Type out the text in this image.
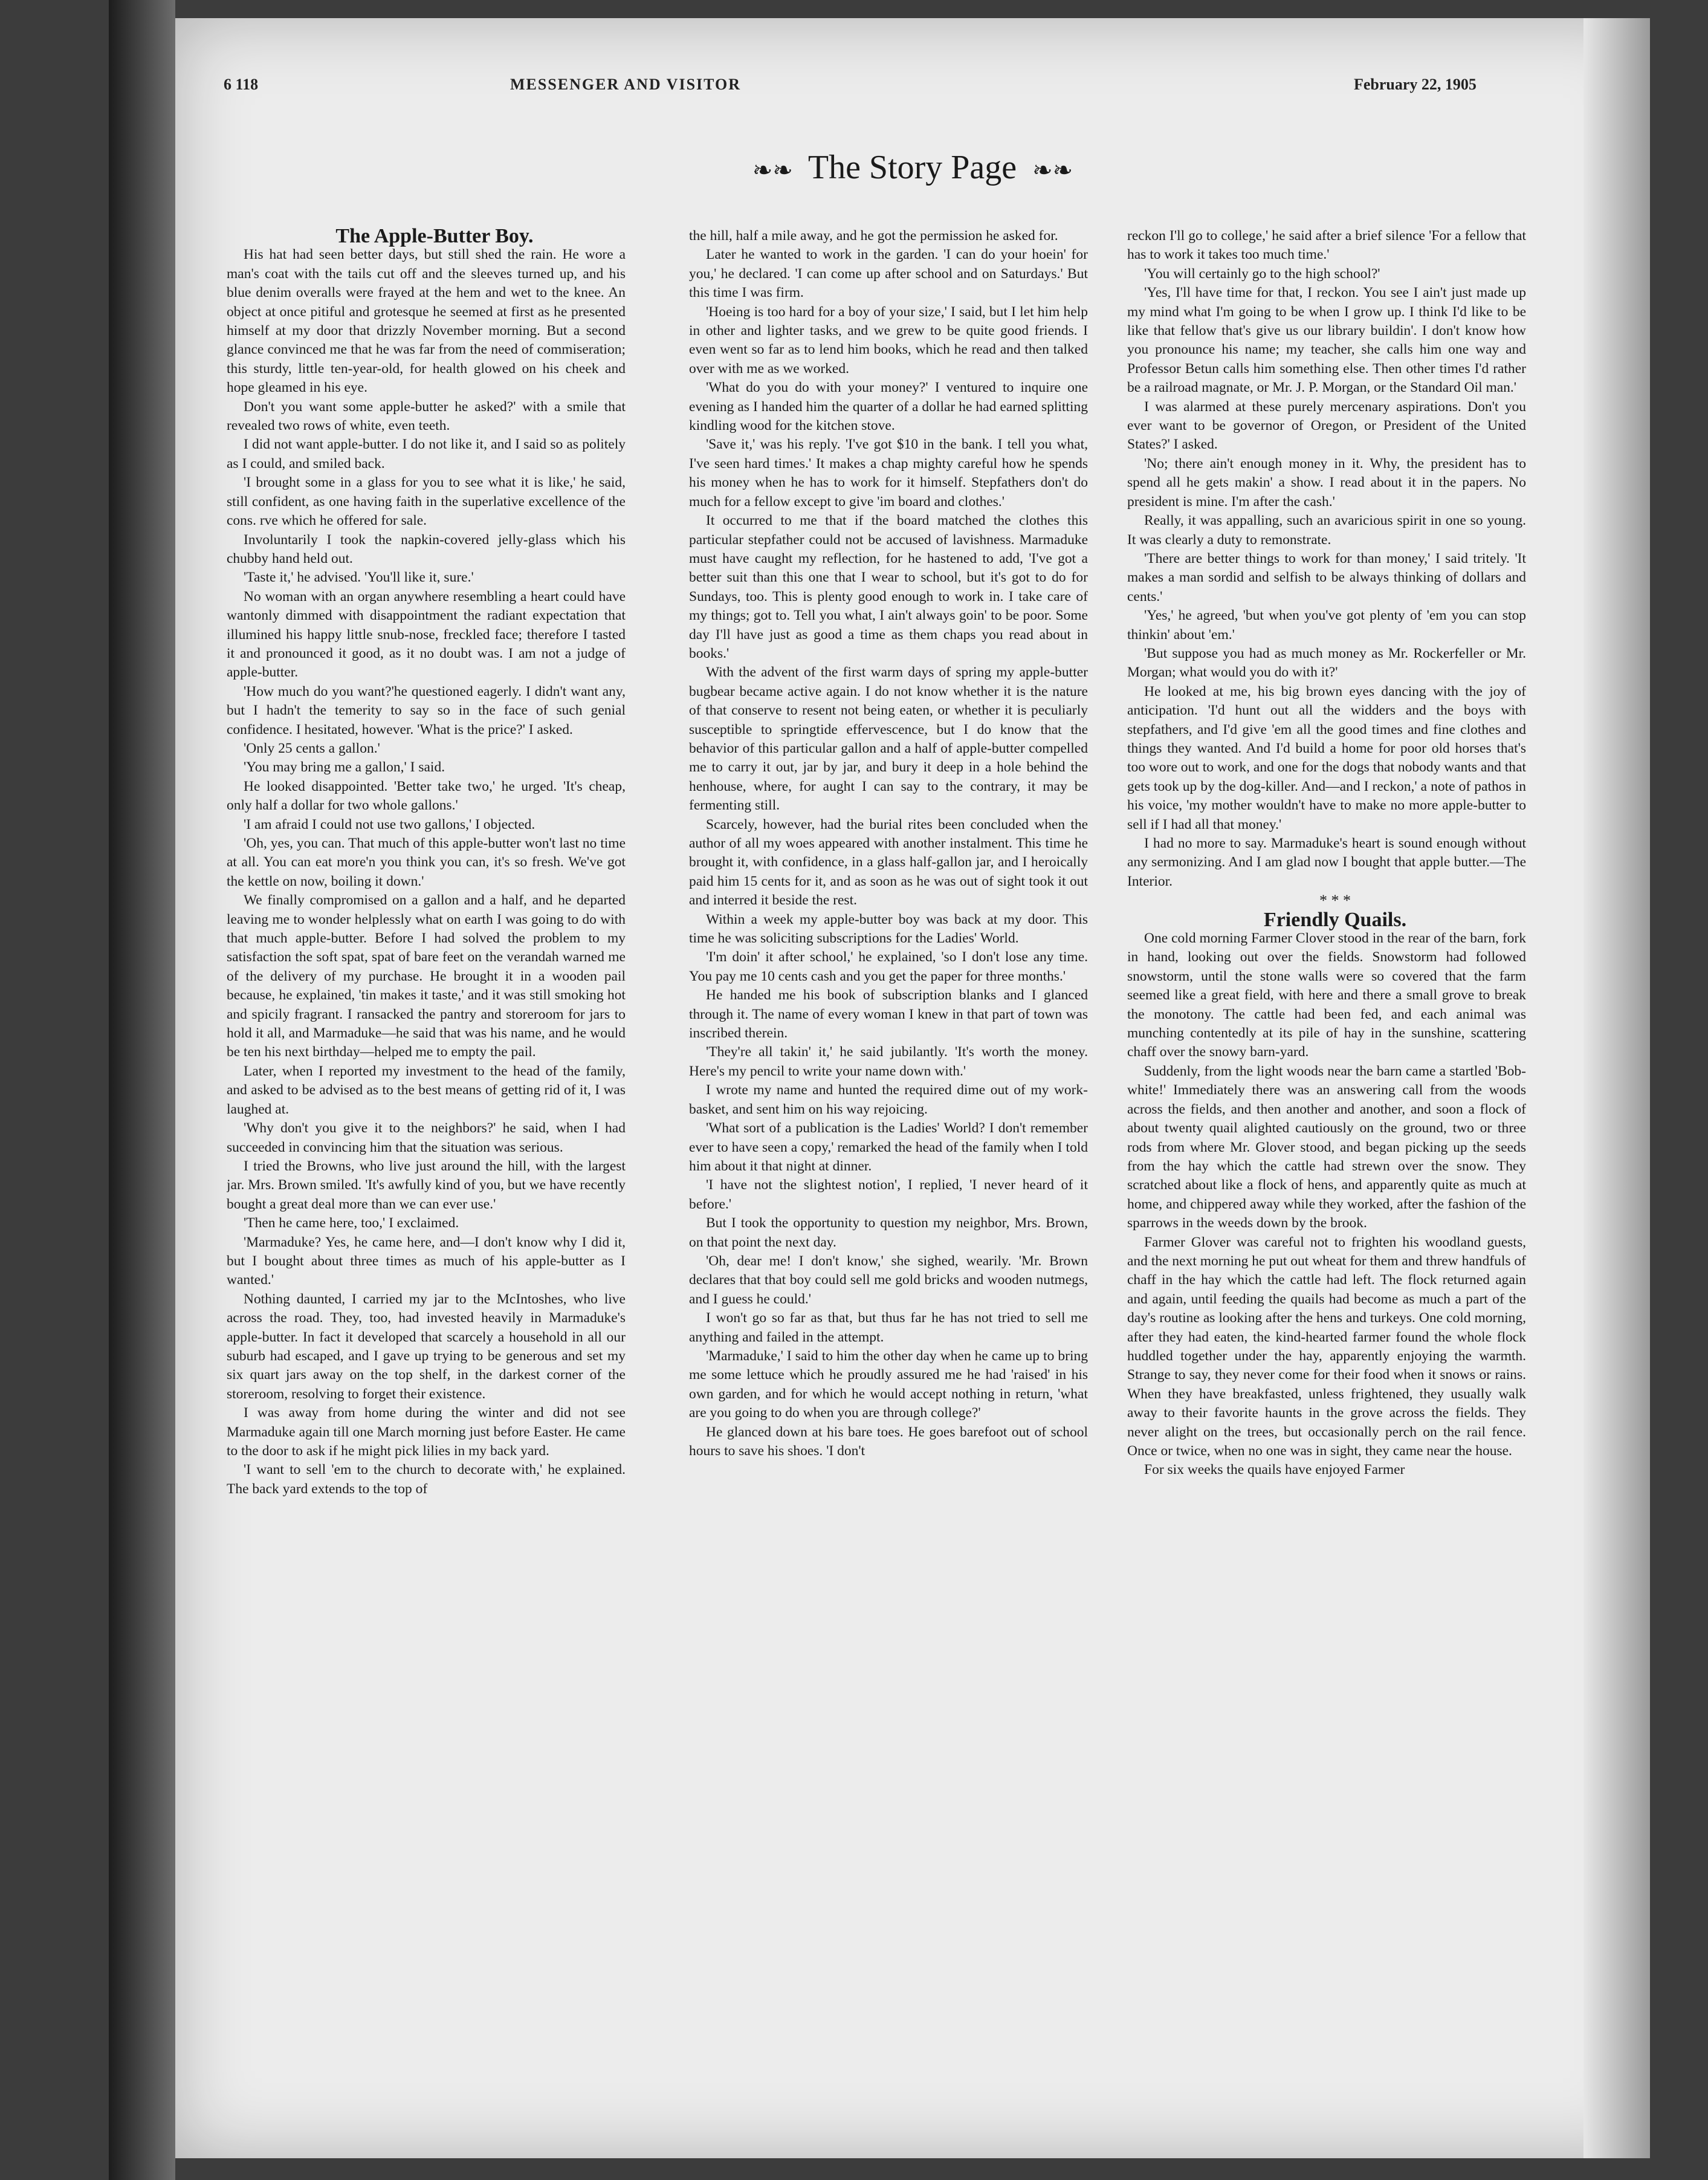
6 118	MESSENGER AND VISITOR	February 22, 1905
❧❧ The Story Page ❧❧

The Apple-Butter Boy.

His hat had seen better days, but still shed the rain. He wore a man's coat with the tails cut off and the sleeves turned up, and his blue denim overalls were frayed at the hem and wet to the knee. An object at once pitiful and grotesque he seemed at first as he presented himself at my door that drizzly November morning. But a second glance convinced me that he was far from the need of commiseration; this sturdy, little ten-year-old, for health glowed on his cheek and hope gleamed in his eye.

Don't you want some apple-butter he asked?' with a smile that revealed two rows of white, even teeth.

I did not want apple-butter. I do not like it, and I said so as politely as I could, and smiled back.

'I brought some in a glass for you to see what it is like,' he said, still confident, as one having faith in the superlative excellence of the cons. rve which he offered for sale.

Involuntarily I took the napkin-covered jelly-glass which his chubby hand held out.

'Taste it,' he advised. 'You'll like it, sure.'

No woman with an organ anywhere resembling a heart could have wantonly dimmed with disappointment the radiant expectation that illumined his happy little snub-nose, freckled face; therefore I tasted it and pronounced it good, as it no doubt was. I am not a judge of apple-butter.

'How much do you want?'he questioned eagerly. I didn't want any, but I hadn't the temerity to say so in the face of such genial confidence. I hesitated, however. 'What is the price?' I asked.

'Only 25 cents a gallon.'

'You may bring me a gallon,' I said.

He looked disappointed. 'Better take two,' he urged. 'It's cheap, only half a dollar for two whole gallons.'

'I am afraid I could not use two gallons,' I objected.

'Oh, yes, you can. That much of this apple-butter won't last no time at all. You can eat more'n you think you can, it's so fresh. We've got the kettle on now, boiling it down.'

We finally compromised on a gallon and a half, and he departed leaving me to wonder helplessly what on earth I was going to do with that much apple-butter. Before I had solved the problem to my satisfaction the soft spat, spat of bare feet on the verandah warned me of the delivery of my purchase. He brought it in a wooden pail because, he explained, 'tin makes it taste,' and it was still smoking hot and spicily fragrant. I ransacked the pantry and storeroom for jars to hold it all, and Marmaduke—he said that was his name, and he would be ten his next birthday—helped me to empty the pail.

Later, when I reported my investment to the head of the family, and asked to be advised as to the best means of getting rid of it, I was laughed at.

'Why don't you give it to the neighbors?' he said, when I had succeeded in convincing him that the situation was serious.

I tried the Browns, who live just around the hill, with the largest jar. Mrs. Brown smiled. 'It's awfully kind of you, but we have recently bought a great deal more than we can ever use.'

'Then he came here, too,' I exclaimed.

'Marmaduke? Yes, he came here, and—I don't know why I did it, but I bought about three times as much of his apple-butter as I wanted.'

Nothing daunted, I carried my jar to the McIntoshes, who live across the road. They, too, had invested heavily in Marmaduke's apple-butter. In fact it developed that scarcely a household in all our suburb had escaped, and I gave up trying to be generous and set my six quart jars away on the top shelf, in the darkest corner of the storeroom, resolving to forget their existence.

I was away from home during the winter and did not see Marmaduke again till one March morning just before Easter. He came to the door to ask if he might pick lilies in my back yard.

'I want to sell 'em to the church to decorate with,' he explained. The back yard extends to the top of

the hill, half a mile away, and he got the permission he asked for.

Later he wanted to work in the garden. 'I can do your hoein' for you,' he declared. 'I can come up after school and on Saturdays.' But this time I was firm.

'Hoeing is too hard for a boy of your size,' I said, but I let him help in other and lighter tasks, and we grew to be quite good friends. I even went so far as to lend him books, which he read and then talked over with me as we worked.

'What do you do with your money?' I ventured to inquire one evening as I handed him the quarter of a dollar he had earned splitting kindling wood for the kitchen stove.

'Save it,' was his reply. 'I've got $10 in the bank. I tell you what, I've seen hard times.' It makes a chap mighty careful how he spends his money when he has to work for it himself. Stepfathers don't do much for a fellow except to give 'im board and clothes.'

It occurred to me that if the board matched the clothes this particular stepfather could not be accused of lavishness. Marmaduke must have caught my reflection, for he hastened to add, 'I've got a better suit than this one that I wear to school, but it's got to do for Sundays, too. This is plenty good enough to work in. I take care of my things; got to. Tell you what, I ain't always goin' to be poor. Some day I'll have just as good a time as them chaps you read about in books.'

With the advent of the first warm days of spring my apple-butter bugbear became active again. I do not know whether it is the nature of that conserve to resent not being eaten, or whether it is peculiarly susceptible to springtide effervescence, but I do know that the behavior of this particular gallon and a half of apple-butter compelled me to carry it out, jar by jar, and bury it deep in a hole behind the henhouse, where, for aught I can say to the contrary, it may be fermenting still.

Scarcely, however, had the burial rites been concluded when the author of all my woes appeared with another instalment. This time he brought it, with confidence, in a glass half-gallon jar, and I heroically paid him 15 cents for it, and as soon as he was out of sight took it out and interred it beside the rest.

Within a week my apple-butter boy was back at my door. This time he was soliciting subscriptions for the Ladies' World.

'I'm doin' it after school,' he explained, 'so I don't lose any time. You pay me 10 cents cash and you get the paper for three months.'

He handed me his book of subscription blanks and I glanced through it. The name of every woman I knew in that part of town was inscribed therein.

'They're all takin' it,' he said jubilantly. 'It's worth the money. Here's my pencil to write your name down with.'

I wrote my name and hunted the required dime out of my work-basket, and sent him on his way rejoicing.

'What sort of a publication is the Ladies' World? I don't remember ever to have seen a copy,' remarked the head of the family when I told him about it that night at dinner.

'I have not the slightest notion', I replied, 'I never heard of it before.'

But I took the opportunity to question my neighbor, Mrs. Brown, on that point the next day.

'Oh, dear me! I don't know,' she sighed, wearily. 'Mr. Brown declares that that boy could sell me gold bricks and wooden nutmegs, and I guess he could.'

I won't go so far as that, but thus far he has not tried to sell me anything and failed in the attempt.

'Marmaduke,' I said to him the other day when he came up to bring me some lettuce which he proudly assured me he had 'raised' in his own garden, and for which he would accept nothing in return, 'what are you going to do when you are through college?'

He glanced down at his bare toes. He goes barefoot out of school hours to save his shoes. 'I don't

reckon I'll go to college,' he said after a brief silence 'For a fellow that has to work it takes too much time.'

'You will certainly go to the high school?'

'Yes, I'll have time for that, I reckon. You see I ain't just made up my mind what I'm going to be when I grow up. I think I'd like to be like that fellow that's give us our library buildin'. I don't know how you pronounce his name; my teacher, she calls him one way and Professor Betun calls him something else. Then other times I'd rather be a railroad magnate, or Mr. J. P. Morgan, or the Standard Oil man.'

I was alarmed at these purely mercenary aspirations. Don't you ever want to be governor of Oregon, or President of the United States?' I asked.

'No; there ain't enough money in it. Why, the president has to spend all he gets makin' a show. I read about it in the papers. No president is mine. I'm after the cash.'

Really, it was appalling, such an avaricious spirit in one so young. It was clearly a duty to remonstrate.

'There are better things to work for than money,' I said tritely. 'It makes a man sordid and selfish to be always thinking of dollars and cents.'

'Yes,' he agreed, 'but when you've got plenty of 'em you can stop thinkin' about 'em.'

'But suppose you had as much money as Mr. Rockerfeller or Mr. Morgan; what would you do with it?'

He looked at me, his big brown eyes dancing with the joy of anticipation. 'I'd hunt out all the widders and the boys with stepfathers, and I'd give 'em all the good times and fine clothes and things they wanted. And I'd build a home for poor old horses that's too wore out to work, and one for the dogs that nobody wants and that gets took up by the dog-killer. And—and I reckon,' a note of pathos in his voice, 'my mother wouldn't have to make no more apple-butter to sell if I had all that money.'

I had no more to say. Marmaduke's heart is sound enough without any sermonizing. And I am glad now I bought that apple butter.—The Interior.

* * *

Friendly Quails.

One cold morning Farmer Clover stood in the rear of the barn, fork in hand, looking out over the fields. Snowstorm had followed snowstorm, until the stone walls were so covered that the farm seemed like a great field, with here and there a small grove to break the monotony. The cattle had been fed, and each animal was munching contentedly at its pile of hay in the sunshine, scattering chaff over the snowy barn-yard.

Suddenly, from the light woods near the barn came a startled 'Bob-white!' Immediately there was an answering call from the woods across the fields, and then another and another, and soon a flock of about twenty quail alighted cautiously on the ground, two or three rods from where Mr. Glover stood, and began picking up the seeds from the hay which the cattle had strewn over the snow. They scratched about like a flock of hens, and apparently quite as much at home, and chippered away while they worked, after the fashion of the sparrows in the weeds down by the brook.

Farmer Glover was careful not to frighten his woodland guests, and the next morning he put out wheat for them and threw handfuls of chaff in the hay which the cattle had left. The flock returned again and again, until feeding the quails had become as much a part of the day's routine as looking after the hens and turkeys. One cold morning, after they had eaten, the kind-hearted farmer found the whole flock huddled together under the hay, apparently enjoying the warmth. Strange to say, they never come for their food when it snows or rains. When they have breakfasted, unless frightened, they usually walk away to their favorite haunts in the grove across the fields. They never alight on the trees, but occasionally perch on the rail fence. Once or twice, when no one was in sight, they came near the house.

For six weeks the quails have enjoyed Farmer
